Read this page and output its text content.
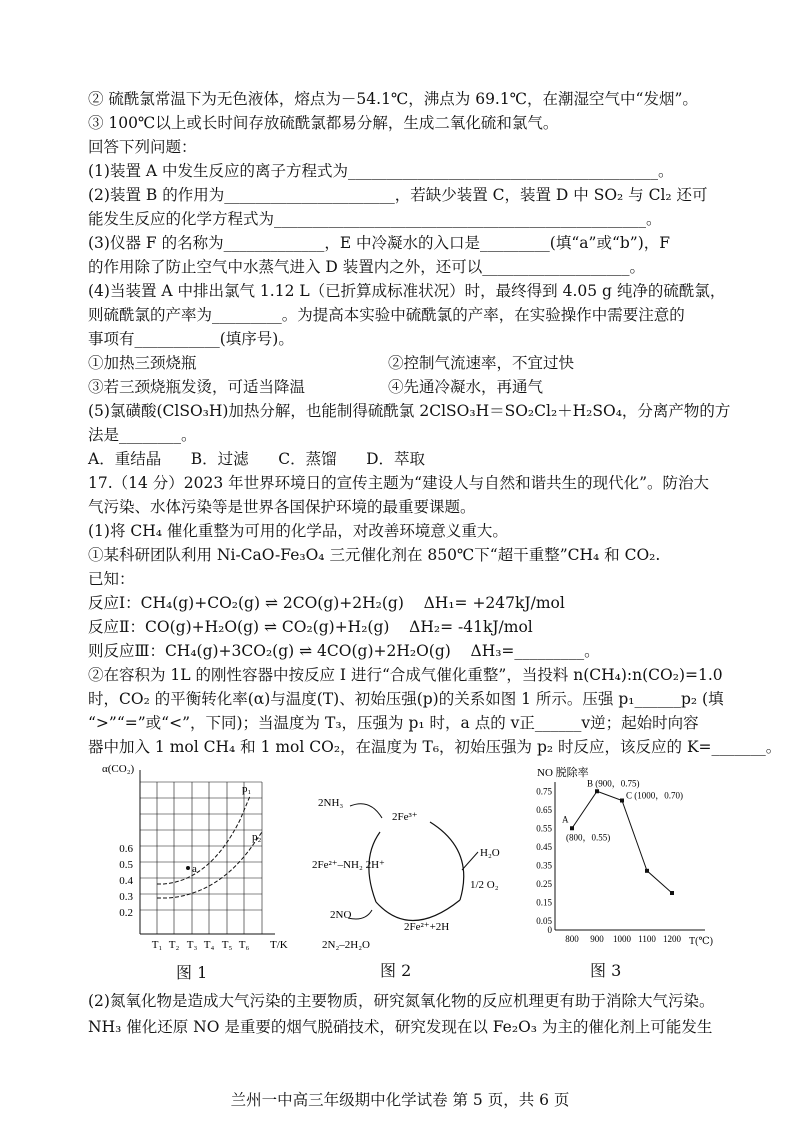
② 硫酰氯常温下为无色液体，熔点为－54.1℃，沸点为 69.1℃，在潮湿空气中“发烟”。
③ 100℃以上或长时间存放硫酰氯都易分解，生成二氧化硫和氯气。
回答下列问题：
(1)装置 A 中发生反应的离子方程式为________________________________________。
(2)装置 B 的作用为______________________，若缺少装置 C，装置 D 中 SO₂ 与 Cl₂ 还可
能发生反应的化学方程式为________________________________________________。
(3)仪器 F 的名称为_____________，E 中冷凝水的入口是_________(填“a”或“b”)，F
的作用除了防止空气中水蒸气进入 D 装置内之外，还可以___________________。
(4)当装置 A 中排出氯气 1.12 L（已折算成标准状况）时，最终得到 4.05 g 纯净的硫酰氯，
则硫酰氯的产率为_________。为提高本实验中硫酰氯的产率，在实验操作中需要注意的
事项有___________(填序号)。
①加热三颈烧瓶	②控制气流速率，不宜过快
③若三颈烧瓶发烫，可适当降温	④先通冷凝水，再通气
(5)氯磺酸(ClSO₃H)加热分解，也能制得硫酰氯 2ClSO₃H＝SO₂Cl₂＋H₂SO₄，分离产物的方
法是________。
A．重结晶      B．过滤      C．蒸馏      D．萃取
17.（14 分）2023 年世界环境日的宣传主题为“建设人与自然和谐共生的现代化”。防治大
气污染、水体污染等是世界各国保护环境的最重要课题。
(1)将 CH₄ 催化重整为可用的化学品，对改善环境意义重大。
①某科研团队利用 Ni-CaO-Fe₃O₄ 三元催化剂在 850℃下“超干重整”CH₄ 和 CO₂.
已知：
反应Ⅰ：CH₄(g)+CO₂(g) ⇌ 2CO(g)+2H₂(g)    ΔH₁= +247kJ/mol
反应Ⅱ：CO(g)+H₂O(g) ⇌ CO₂(g)+H₂(g)    ΔH₂= -41kJ/mol
则反应Ⅲ：CH₄(g)+3CO₂(g) ⇌ 4CO(g)+2H₂O(g)    ΔH₃=_________。
②在容积为 1L 的刚性容器中按反应 I 进行“合成气催化重整”，当投料 n(CH₄):n(CO₂)=1.0
时，CO₂ 的平衡转化率(α)与温度(T)、初始压强(p)的关系如图 1 所示。压强 p₁______p₂ (填
“>”“=”或“<”，下同)；当温度为 T₃，压强为 p₁ 时，a 点的 v正______v逆；起始时向容
器中加入 1 mol CH₄ 和 1 mol CO₂，在温度为 T₆，初始压强为 p₂ 时反应，该反应的 K=_______。
α(CO₂)
0.6
0.5
0.4
0.3
0.2
T₁ T₂ T₃ T₄ T₅ T₆ T/K
p₁
p₂
a
图 1
2NH₃
2Fe³⁺
2Fe²⁺–NH₂ 2H⁺
H₂O
1/2 O₂
2NO
2Fe²⁺+2H
2N₂–2H₂O
图 2
NO 脱除率
0
0.05
0.15
0.25
0.35
0.45
0.55
0.65
0.75
800 900 1000 1100 1200
A
(800，0.55)
B (900，0.75)
C (1000，0.70)
T(℃)
图 3
(2)氮氧化物是造成大气污染的主要物质，研究氮氧化物的反应机理更有助于消除大气污染。
NH₃ 催化还原 NO 是重要的烟气脱硝技术，研究发现在以 Fe₂O₃ 为主的催化剂上可能发生
兰州一中高三年级期中化学试卷 第 5 页，共 6 页
